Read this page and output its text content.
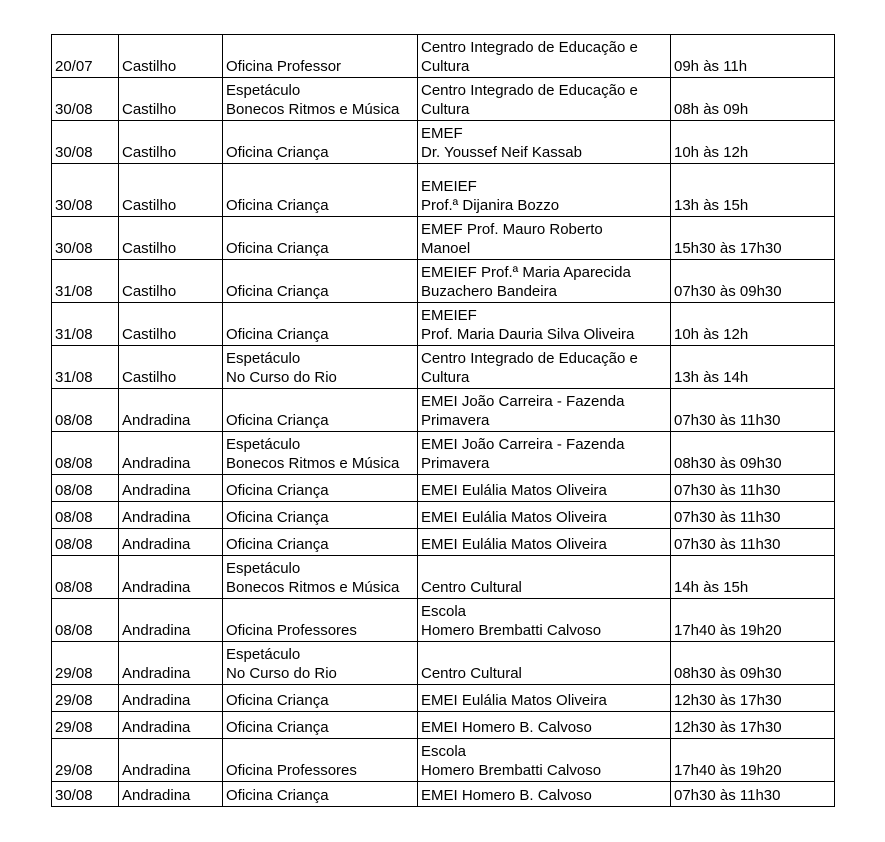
20/07	Castilho	Oficina Professor	Centro Integrado de Educação e
Cultura	09h às 11h
30/08	Castilho	Espetáculo
Bonecos Ritmos e Música	Centro Integrado de Educação e
Cultura	08h às 09h
30/08	Castilho	Oficina Criança	EMEF
Dr. Youssef Neif Kassab	10h às 12h
30/08	Castilho	Oficina Criança	EMEIEF
Prof.ª Dijanira Bozzo	13h às 15h
30/08	Castilho	Oficina Criança	EMEF Prof. Mauro Roberto
Manoel	15h30 às 17h30
31/08	Castilho	Oficina Criança	EMEIEF Prof.ª Maria Aparecida
Buzachero Bandeira	07h30 às 09h30
31/08	Castilho	Oficina Criança	EMEIEF
Prof. Maria Dauria Silva Oliveira	10h às 12h
31/08	Castilho	Espetáculo
No Curso do Rio	Centro Integrado de Educação e
Cultura	13h às 14h
08/08	Andradina	Oficina Criança	EMEI João Carreira - Fazenda
Primavera	07h30 às 11h30
08/08	Andradina	Espetáculo
Bonecos Ritmos e Música	EMEI João Carreira - Fazenda
Primavera	08h30 às 09h30
08/08	Andradina	Oficina Criança	EMEI Eulália Matos Oliveira	07h30 às 11h30
08/08	Andradina	Oficina Criança	EMEI Eulália Matos Oliveira	07h30 às 11h30
08/08	Andradina	Oficina Criança	EMEI Eulália Matos Oliveira	07h30 às 11h30
08/08	Andradina	Espetáculo
Bonecos Ritmos e Música	Centro Cultural	14h às 15h
08/08	Andradina	Oficina Professores	Escola
Homero Brembatti Calvoso	17h40 às 19h20
29/08	Andradina	Espetáculo
No Curso do Rio	Centro Cultural	08h30 às 09h30
29/08	Andradina	Oficina Criança	EMEI Eulália Matos Oliveira	12h30 às 17h30
29/08	Andradina	Oficina Criança	EMEI Homero B. Calvoso	12h30 às 17h30
29/08	Andradina	Oficina Professores	Escola
Homero Brembatti Calvoso	17h40 às 19h20
30/08	Andradina	Oficina Criança	EMEI Homero B. Calvoso	07h30 às 11h30
